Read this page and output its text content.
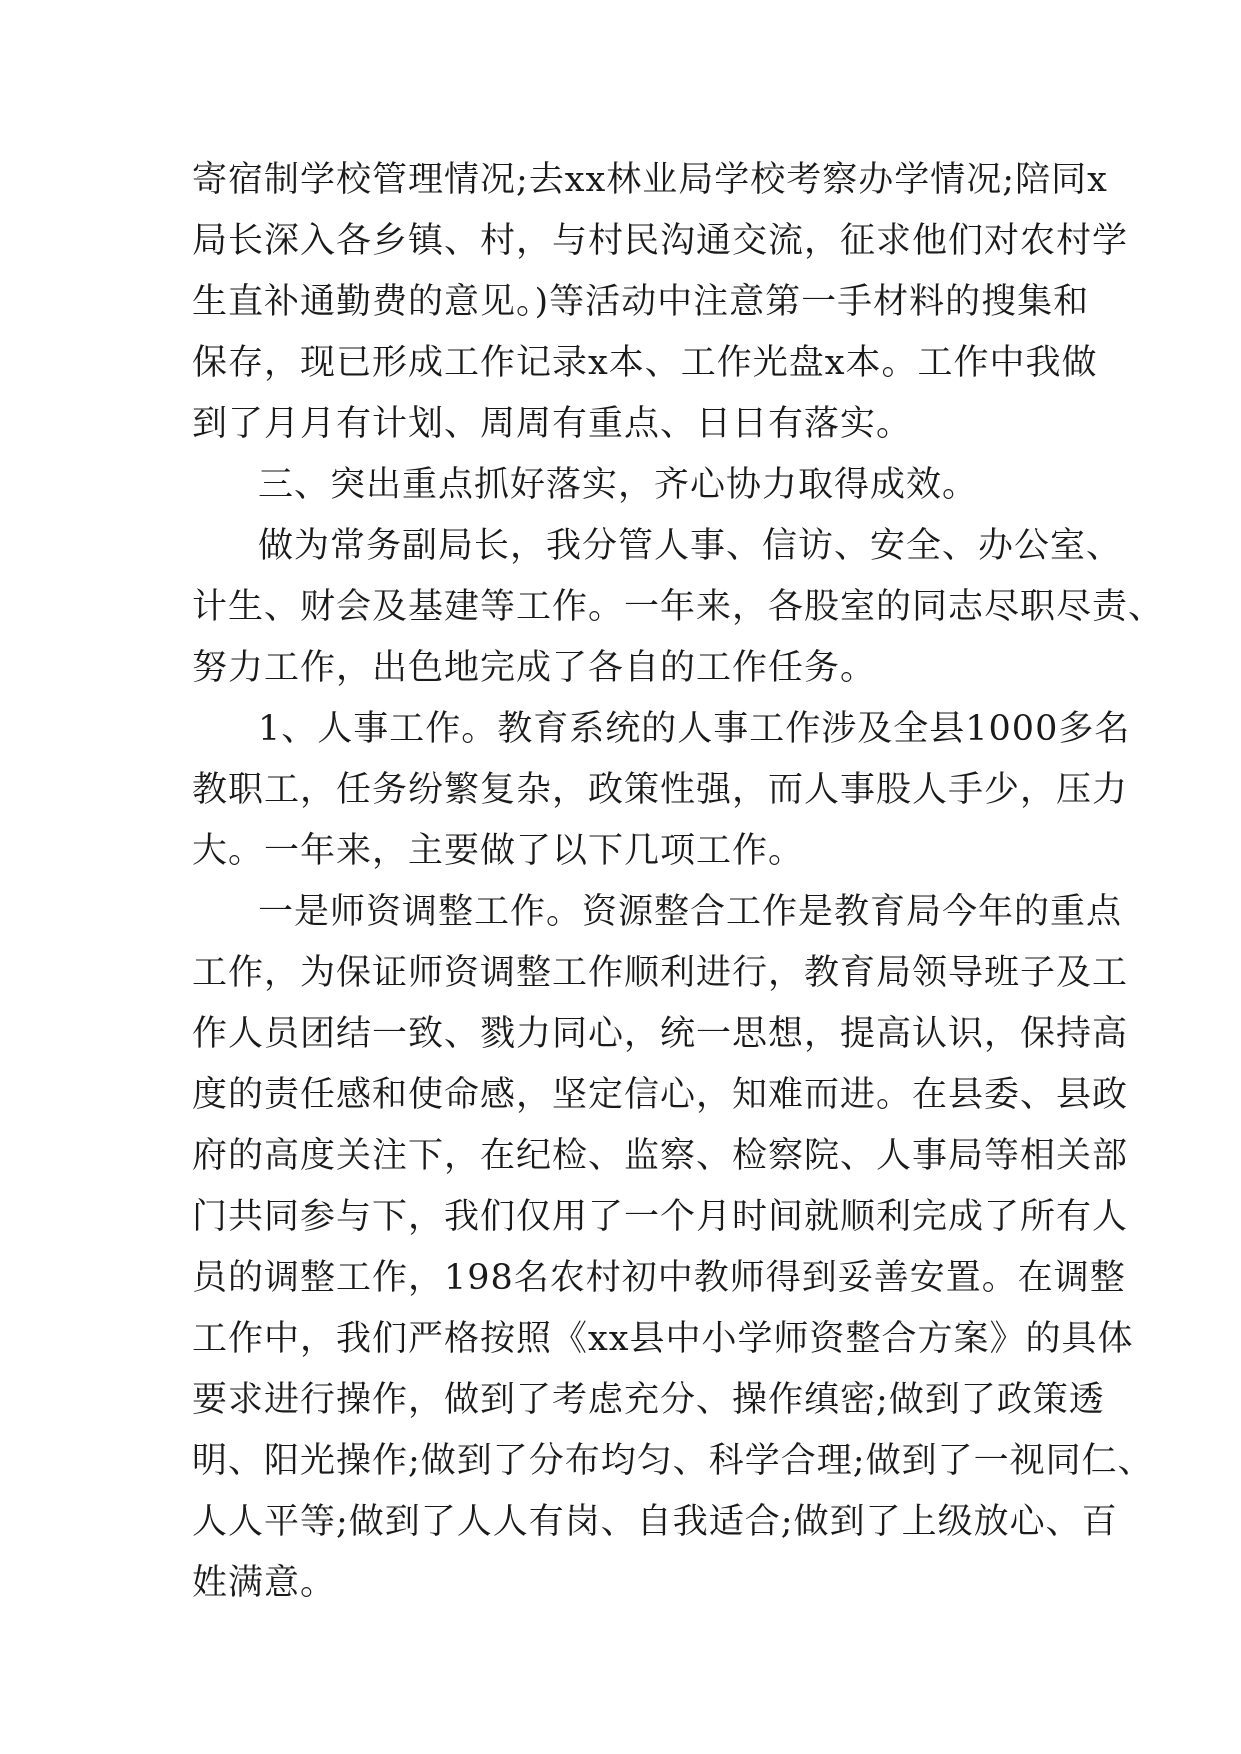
寄宿制学校管理情况;去xx林业局学校考察办学情况;陪同x
局长深入各乡镇、村，与村民沟通交流，征求他们对农村学
生直补通勤费的意见。)等活动中注意第一手材料的搜集和
保存，现已形成工作记录x本、工作光盘x本。工作中我做
到了月月有计划、周周有重点、日日有落实。
三、突出重点抓好落实，齐心协力取得成效。
做为常务副局长，我分管人事、信访、安全、办公室、
计生、财会及基建等工作。一年来，各股室的同志尽职尽责、
努力工作，出色地完成了各自的工作任务。
1、人事工作。教育系统的人事工作涉及全县1000多名
教职工，任务纷繁复杂，政策性强，而人事股人手少，压力
大。一年来，主要做了以下几项工作。
一是师资调整工作。资源整合工作是教育局今年的重点
工作，为保证师资调整工作顺利进行，教育局领导班子及工
作人员团结一致、戮力同心，统一思想，提高认识，保持高
度的责任感和使命感，坚定信心，知难而进。在县委、县政
府的高度关注下，在纪检、监察、检察院、人事局等相关部
门共同参与下，我们仅用了一个月时间就顺利完成了所有人
员的调整工作，198名农村初中教师得到妥善安置。在调整
工作中，我们严格按照《xx县中小学师资整合方案》的具体
要求进行操作，做到了考虑充分、操作缜密;做到了政策透
明、阳光操作;做到了分布均匀、科学合理;做到了一视同仁、
人人平等;做到了人人有岗、自我适合;做到了上级放心、百
姓满意。
